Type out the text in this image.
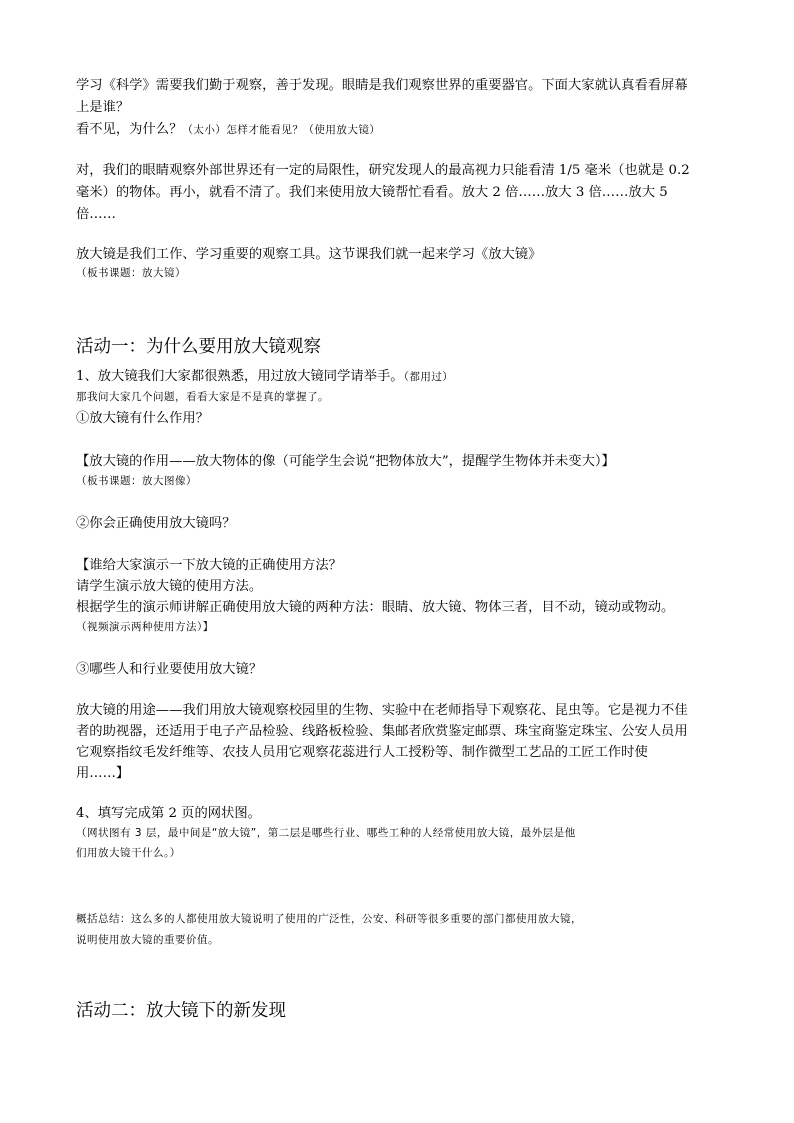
学习《科学》需要我们勤于观察，善于发现。眼睛是我们观察世界的重要器官。下面大家就认真看看屏幕

上是谁？

看不见，为什么？（太小）怎样才能看见？（使用放大镜）

对，我们的眼睛观察外部世界还有一定的局限性，研究发现人的最高视力只能看清 1/5 毫米（也就是 0.2

毫米）的物体。再小，就看不清了。我们来使用放大镜帮忙看看。放大 2 倍……放大 3 倍……放大 5

倍……

放大镜是我们工作、学习重要的观察工具。这节课我们就一起来学习《放大镜》

（板书课题：放大镜）

活动一：为什么要用放大镜观察

1、放大镜我们大家都很熟悉，用过放大镜同学请举手。（都用过）

那我问大家几个问题，看看大家是不是真的掌握了。

①放大镜有什么作用？

【放大镜的作用——放大物体的像（可能学生会说“把物体放大”，提醒学生物体并未变大）】

（板书课题：放大图像）

②你会正确使用放大镜吗？

【谁给大家演示一下放大镜的正确使用方法？

请学生演示放大镜的使用方法。

根据学生的演示师讲解正确使用放大镜的两种方法：眼睛、放大镜、物体三者，目不动，镜动或物动。

（视频演示两种使用方法）】

③哪些人和行业要使用放大镜？

放大镜的用途——我们用放大镜观察校园里的生物、实验中在老师指导下观察花、昆虫等。它是视力不佳

者的助视器，还适用于电子产品检验、线路板检验、集邮者欣赏鉴定邮票、珠宝商鉴定珠宝、公安人员用

它观察指纹毛发纤维等、农技人员用它观察花蕊进行人工授粉等、制作微型工艺品的工匠工作时使

用……】

4、填写完成第 2 页的网状图。

（网状图有 3 层，最中间是“放大镜”，第二层是哪些行业、哪些工种的人经常使用放大镜，最外层是他

们用放大镜干什么。）

概括总结：这么多的人都使用放大镜说明了使用的广泛性，公安、科研等很多重要的部门都使用放大镜，

说明使用放大镜的重要价值。

活动二：放大镜下的新发现
